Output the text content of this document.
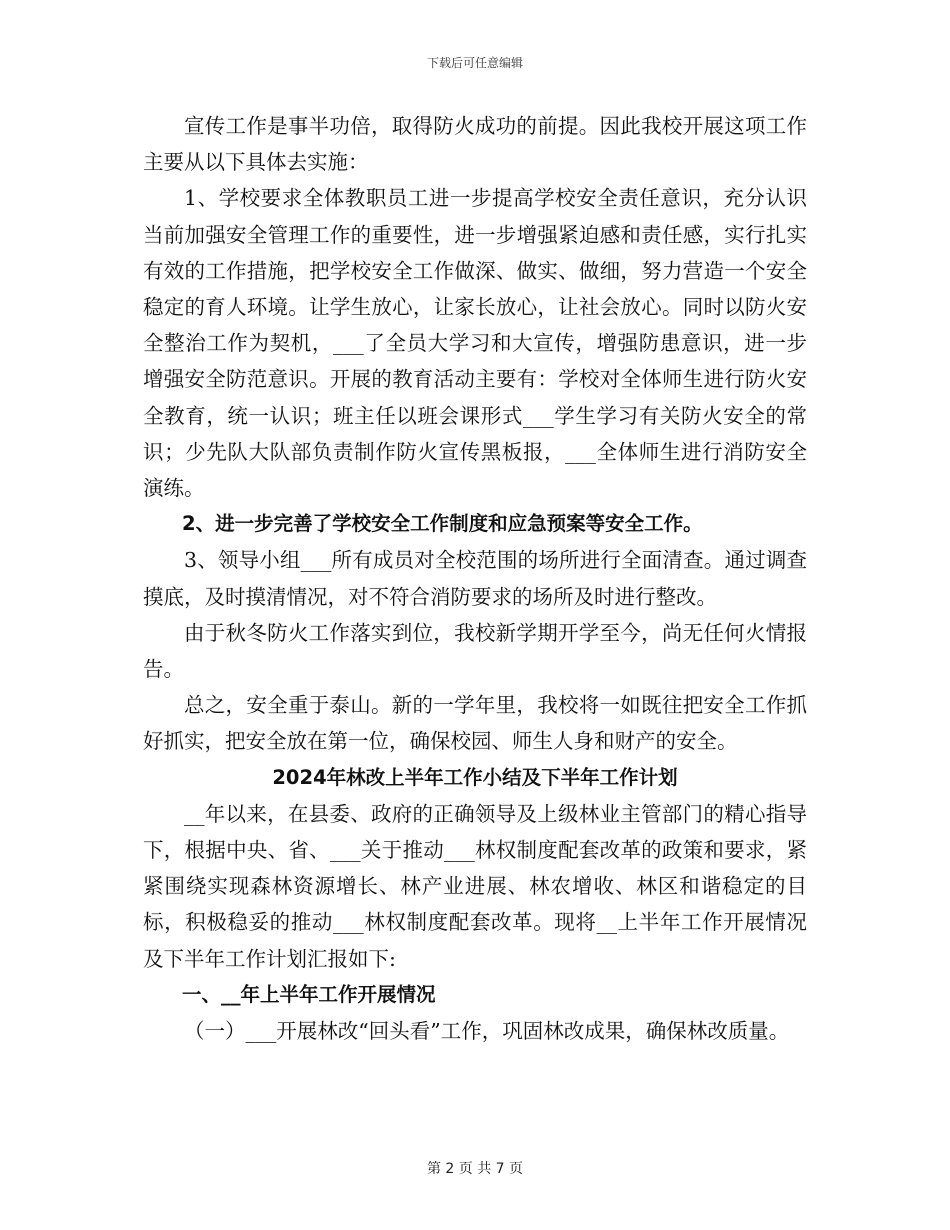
下载后可任意编辑

宣传工作是事半功倍，取得防火成功的前提。因此我校开展这项工作主要从以下具体去实施：

1、学校要求全体教职员工进一步提高学校安全责任意识，充分认识当前加强安全管理工作的重要性，进一步增强紧迫感和责任感，实行扎实有效的工作措施，把学校安全工作做深、做实、做细，努力营造一个安全稳定的育人环境。让学生放心，让家长放心，让社会放心。同时以防火安全整治工作为契机，___了全员大学习和大宣传，增强防患意识，进一步增强安全防范意识。开展的教育活动主要有：学校对全体师生进行防火安全教育，统一认识；班主任以班会课形式___学生学习有关防火安全的常识；少先队大队部负责制作防火宣传黑板报，___全体师生进行消防安全演练。

2、进一步完善了学校安全工作制度和应急预案等安全工作。

3、领导小组___所有成员对全校范围的场所进行全面清查。通过调查摸底，及时摸清情况，对不符合消防要求的场所及时进行整改。

由于秋冬防火工作落实到位，我校新学期开学至今，尚无任何火情报告。

总之，安全重于泰山。新的一学年里，我校将一如既往把安全工作抓好抓实，把安全放在第一位，确保校园、师生人身和财产的安全。

2024年林改上半年工作小结及下半年工作计划

__年以来，在县委、政府的正确领导及上级林业主管部门的精心指导下，根据中央、省、___关于推动___林权制度配套改革的政策和要求，紧紧围绕实现森林资源增长、林产业进展、林农增收、林区和谐稳定的目标，积极稳妥的推动___林权制度配套改革。现将__上半年工作开展情况及下半年工作计划汇报如下:

一、__年上半年工作开展情况

（一）___开展林改“回头看”工作，巩固林改成果，确保林改质量。

第 2 页 共 7 页
